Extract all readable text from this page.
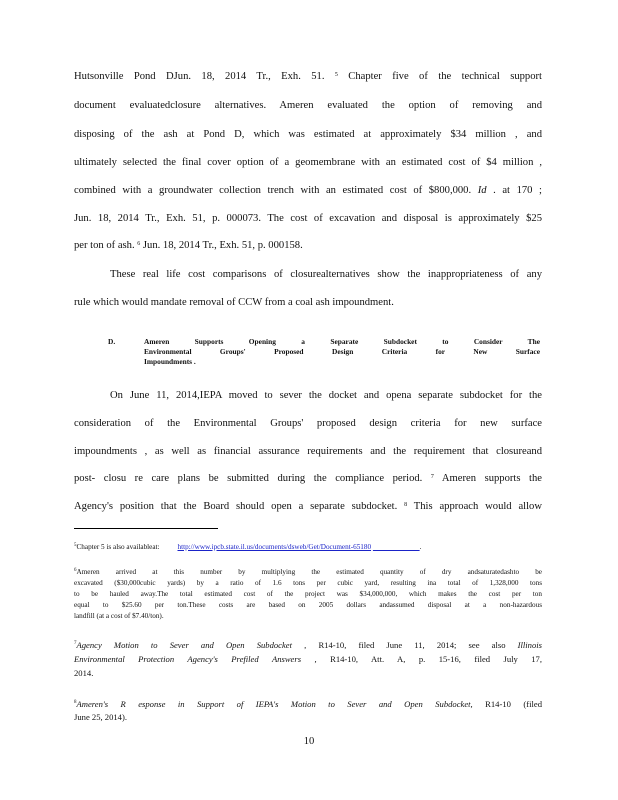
Hutsonville Pond DJun. 18, 2014 Tr., Exh. 51. $^5$ Chapter five of the technical support
document evaluatedclosure alternatives. Ameren evaluated the option of removing and
disposing of the ash at Pond D, which was estimated at approximately $34 million , and
ultimately selected the final cover option of a geomembrane with an estimated cost of $4 million ,
combined with a groundwater collection trench with an estimated cost of $800,000. Id . at 170 ;
Jun. 18, 2014 Tr., Exh. 51, p. 000073. The cost of excavation and disposal is approximately $25
per ton of ash. $^6$ Jun. 18, 2014 Tr., Exh. 51, p. 000158.
These real life cost comparisons of closurealternatives show the inappropriateness of any
rule which would mandate removal of CCW from a coal ash impoundment.
D.	Ameren Supports Opening a Separate Subdocket to Consider The
Environmental Groups' Proposed Design Criteria for New Surface
Impoundments .
On June 11, 2014,IEPA moved to sever the docket and opena separate subdocket for the
consideration of the Environmental Groups' proposed design criteria for new surface
impoundments , as well as financial assurance requirements and the requirement that closureand
post- closu re care plans be submitted during the compliance period. $^7$ Ameren supports the
Agency's position that the Board should open a separate subdocket. $^8$ This approach would allow
$^5$Chapter 5 is also availableat: http://www.ipcb.state.il.us/documents/dsweb/Get/Document-65180	.
$^6$Ameren arrived at this number by multiplying the estimated quantity of dry andsaturatedashto be
excavated ($30,000cubic yards) by a ratio of 1.6 tons per cubic yard, resulting ina total of 1,328,000 tons
to be hauled away.The total estimated cost of the project was $34,000,000, which makes the cost per ton
equal to $25.60 per ton.These costs are based on 2005 dollars andassumed disposal at a non-hazardous
landfill (at a cost of $7.40/ton).
$^7$Agency Motion to Sever and Open Subdocket , R14-10, filed June 11, 2014; see also Illinois
Environmental Protection Agency's Prefiled Answers , R14-10, Att. A, p. 15-16, filed July 17,
2014.
$^8$Ameren's R esponse in Support of IEPA's Motion to Sever and Open Subdocket, R14-10 (filed
June 25, 2014).
10
